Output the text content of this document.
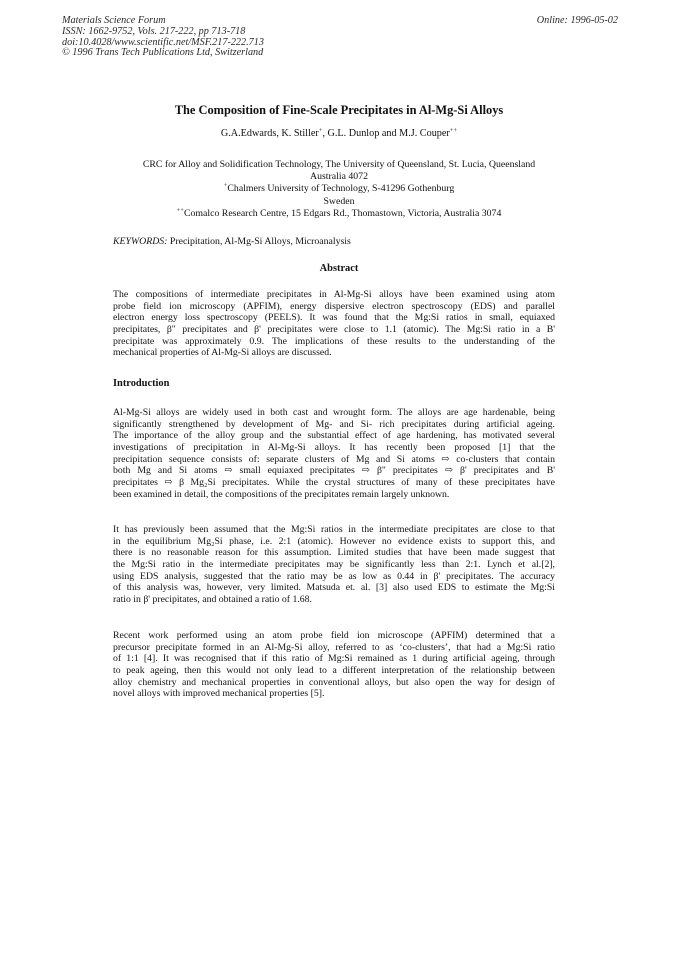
Materials Science Forum
ISSN: 1662-9752, Vols. 217-222, pp 713-718
doi:10.4028/www.scientific.net/MSF.217-222.713
© 1996 Trans Tech Publications Ltd, Switzerland
Online: 1996-05-02
The Composition of Fine-Scale Precipitates in Al-Mg-Si Alloys
G.A.Edwards, K. Stiller+, G.L. Dunlop and M.J. Couper++
CRC for Alloy and Solidification Technology, The University of Queensland, St. Lucia, Queensland
Australia 4072
+Chalmers University of Technology, S-41296 Gothenburg
Sweden
++Comalco Research Centre, 15 Edgars Rd., Thomastown, Victoria, Australia 3074
KEYWORDS: Precipitation, Al-Mg-Si Alloys, Microanalysis
Abstract
The compositions of intermediate precipitates in Al-Mg-Si alloys have been examined using atom
probe field ion microscopy (APFIM), energy dispersive electron spectroscopy (EDS) and parallel
electron energy loss spectroscopy (PEELS). It was found that the Mg:Si ratios in small, equiaxed
precipitates, β" precipitates and β' precipitates were close to 1.1 (atomic). The Mg:Si ratio in a B'
precipitate was approximately 0.9. The implications of these results to the understanding of the
mechanical properties of Al-Mg-Si alloys are discussed.
Introduction
Al-Mg-Si alloys are widely used in both cast and wrought form. The alloys are age hardenable, being
significantly strengthened by development of Mg- and Si- rich precipitates during artificial ageing.
The importance of the alloy group and the substantial effect of age hardening, has motivated several
investigations of precipitation in Al-Mg-Si alloys. It has recently been proposed [1] that the
precipitation sequence consists of: separate clusters of Mg and Si atoms ⇨ co-clusters that contain
both Mg and Si atoms ⇨ small equiaxed precipitates ⇨ β" precipitates ⇨ β' precipitates and B'
precipitates ⇨ β Mg₂Si precipitates. While the crystal structures of many of these precipitates have
been examined in detail, the compositions of the precipitates remain largely unknown.
It has previously been assumed that the Mg:Si ratios in the intermediate precipitates are close to that
in the equilibrium Mg₂Si phase, i.e. 2:1 (atomic). However no evidence exists to support this, and
there is no reasonable reason for this assumption. Limited studies that have been made suggest that
the Mg:Si ratio in the intermediate precipitates may be significantly less than 2:1. Lynch et al.[2],
using EDS analysis, suggested that the ratio may be as low as 0.44 in β' precipitates. The accuracy
of this analysis was, however, very limited. Matsuda et. al. [3] also used EDS to estimate the Mg:Si
ratio in β' precipitates, and obtained a ratio of 1.68.
Recent work performed using an atom probe field ion microscope (APFIM) determined that a
precursor precipitate formed in an Al-Mg-Si alloy, referred to as ‘co-clusters’, that had a Mg:Si ratio
of 1:1 [4]. It was recognised that if this ratio of Mg:Si remained as 1 during artificial ageing, through
to peak ageing, then this would not only lead to a different interpretation of the relationship between
alloy chemistry and mechanical properties in conventional alloys, but also open the way for design of
novel alloys with improved mechanical properties [5].
